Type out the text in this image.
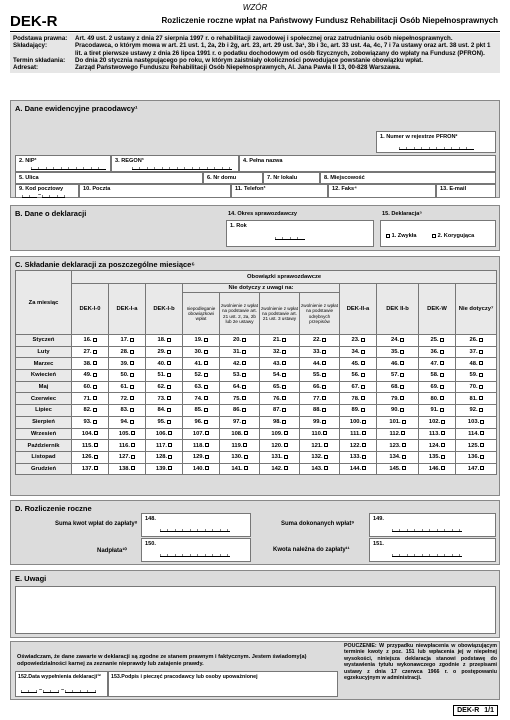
WZÓR
DEK-R	Rozliczenie roczne wpłat na Państwowy Fundusz Rehabilitacji Osób Niepełnosprawnych
Podstawa prawna:	Art. 49 ust. 2 ustawy z dnia 27 sierpnia 1997 r. o rehabilitacji zawodowej i społecznej oraz zatrudnianiu osób niepełnosprawnych.
Składający:	Pracodawca, o którym mowa w art. 21 ust. 1, 2a, 2b i 2g, art. 23, art. 29 ust. 3a¹, 3b i 3c, art. 33 ust. 4a, 4c, 7 i 7a ustawy oraz art. 38 ust. 2 pkt 1 lit. a tiret pierwsze ustawy z dnia 26 lipca 1991 r. o podatku dochodowym od osób fizycznych, zobowiązany do wpłaty na Fundusz (PFRON).
Termin składania:	Do dnia 20 stycznia następującego po roku, w którym zaistniały okoliczności powodujące powstanie obowiązku wpłat.
Adresat:	Zarząd Państwowego Funduszu Rehabilitacji Osób Niepełnosprawnych, Al. Jana Pawła II 13, 00-828 Warszawa.
A. Dane ewidencyjne pracodawcy¹
1. Numer w rejestrze PFRON²
2. NIP³	3. REGON³	4. Pełna nazwa
5. Ulica	6. Nr domu	7. Nr lokalu	8. Miejscowość
9. Kod pocztowy
–
10. Poczta	11. Telefon³	12. Faks⁴	13. E-mail
B. Dane o deklaracji	14. Okres sprawozdawczy
1. Rok
15. Deklaracja⁵
1. Zwykła	2. Korygująca
C. Składanie deklaracji za poszczególne miesiące⁶
Za miesiąc	Obowiązki sprawozdawcze										
	DEK-I-0	DEK-I-a	DEK-I-b	Nie dotyczy z uwagi na:				DEK-II-a	DEK II-b	DEK-W	Nie dotyczy⁷
				niepodleganie obowiązkowi wpłat	zwolnienie z wpłat na podstawie art. 21 ust. 2, 2a, 2b lub 2e ustawy	zwolnienie z wpłat na podstawie art. 21 ust. 3 ustawy	zwolnienie z wpłat na podstawie odrębnych przepisów				
Styczeń	16.	17.	18.	19.	20.	21.	22.	23.	24.	25.	26.
Luty	27.	28.	29.	30.	31.	32.	33.	34.	35.	36.	37.
Marzec	38.	39.	40.	41.	42.	43.	44.	45.	46.	47.	48.
Kwiecień	49.	50.	51.	52.	53.	54.	55.	56.	57.	58.	59.
Maj	60.	61.	62.	63.	64.	65.	66.	67.	68.	69.	70.
Czerwiec	71.	72.	73.	74.	75.	76.	77.	78.	79.	80.	81.
Lipiec	82.	83.	84.	85.	86.	87.	88.	89.	90.	91.	92.
Sierpień	93.	94.	95.	96.	97.	98.	99.	100.	101.	102.	103.
Wrzesień	104.	105.	106.	107.	108.	109.	110.	111.	112.	113.	114.
Październik	115.	116.	117.	118.	119.	120.	121.	122.	123.	124.	125.
Listopad	126.	127.	128.	129.	130.	131.	132.	133.	134.	135.	136.
Grudzień	137.	138.	139.	140.	141.	142.	143.	144.	145.	146.	147.
D. Rozliczenie roczne
Suma kwot wpłat do zapłaty⁸
148.
Suma dokonanych wpłat⁹
149.
Nadpłata¹⁰
150.
Kwota należna do zapłaty¹¹
151.
E. Uwagi
Oświadczam, że dane zawarte w deklaracji są zgodne ze stanem prawnym i faktycznym. Jestem świadomy(a) odpowiedzialności karnej za zeznanie nieprawdy lub zatajenie prawdy.
152.Data wypełnienia deklaracji¹²
–	–
153.Podpis i pieczęć pracodawcy lub osoby upoważnionej
POUCZENIE: W przypadku niewpłacenia w obowiązującym terminie kwoty z poz. 151 lub wpłacenia jej w niepełnej wysokości, niniejsza deklaracja stanowi podstawę do wystawienia tytułu wykonawczego zgodnie z przepisami ustawy z dnia 17 czerwca 1966 r. o postępowaniu egzekucyjnym w administracji.
DEK-R 1/1
